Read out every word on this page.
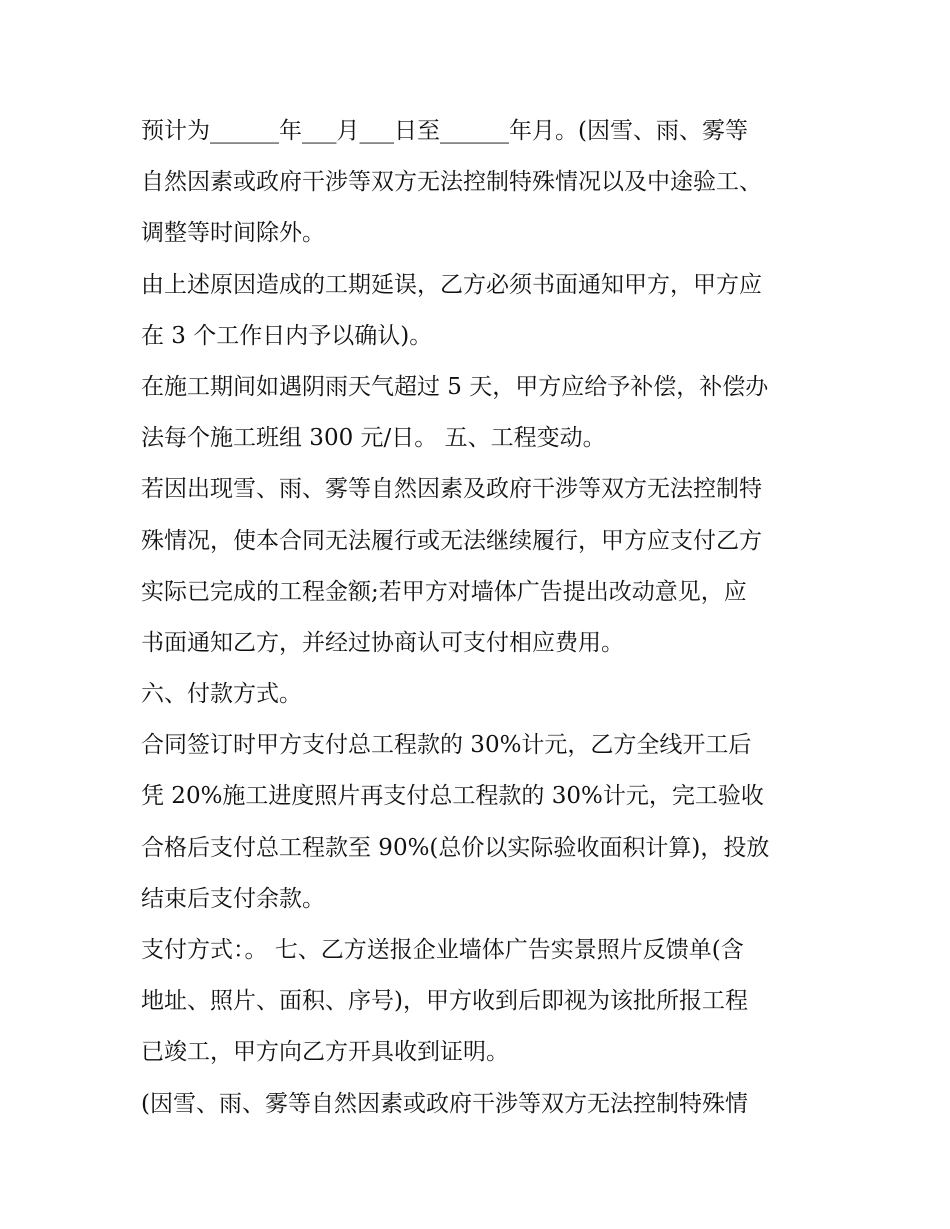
预计为______年___月___日至______年月。(因雪、雨、雾等
自然因素或政府干涉等双方无法控制特殊情况以及中途验工、
调整等时间除外。
由上述原因造成的工期延误，乙方必须书面通知甲方，甲方应
在 3 个工作日内予以确认)。
在施工期间如遇阴雨天气超过 5 天，甲方应给予补偿，补偿办
法每个施工班组 300 元/日。 五、工程变动。
若因出现雪、雨、雾等自然因素及政府干涉等双方无法控制特
殊情况，使本合同无法履行或无法继续履行，甲方应支付乙方
实际已完成的工程金额;若甲方对墙体广告提出改动意见，应
书面通知乙方，并经过协商认可支付相应费用。
六、付款方式。
合同签订时甲方支付总工程款的 30%计元，乙方全线开工后
凭 20%施工进度照片再支付总工程款的 30%计元，完工验收
合格后支付总工程款至 90%(总价以实际验收面积计算)，投放
结束后支付余款。
支付方式：。 七、乙方送报企业墙体广告实景照片反馈单(含
地址、照片、面积、序号)，甲方收到后即视为该批所报工程
已竣工，甲方向乙方开具收到证明。
(因雪、雨、雾等自然因素或政府干涉等双方无法控制特殊情
